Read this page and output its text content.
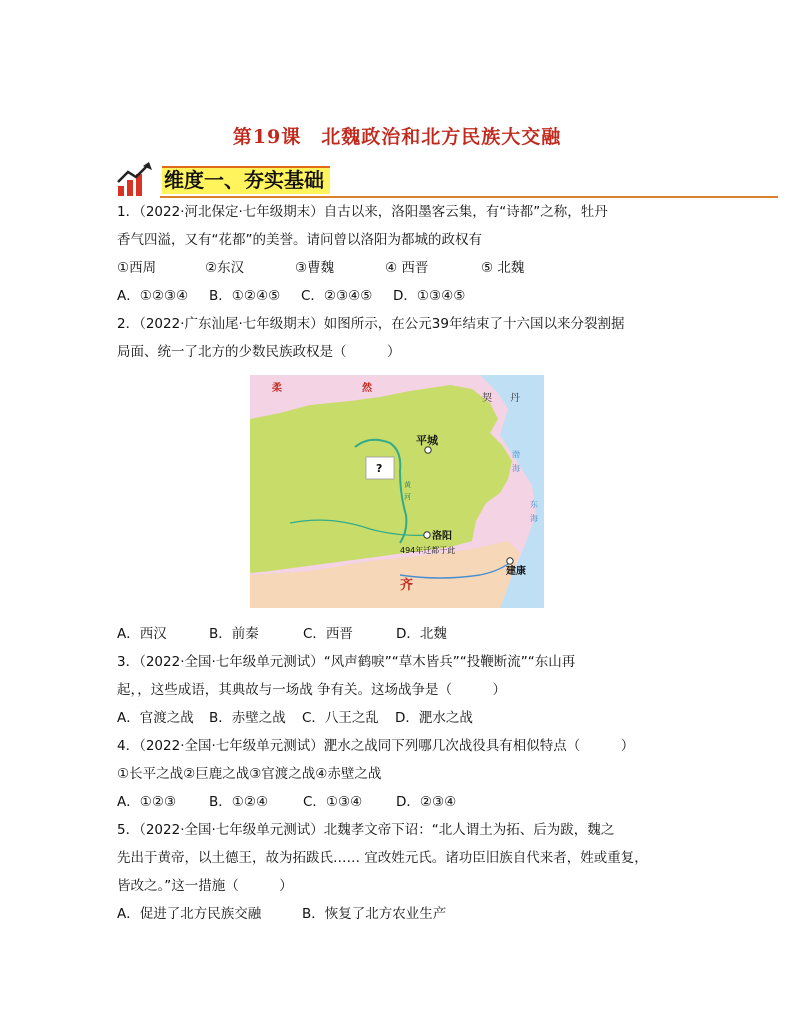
第19课　北魏政治和北方民族大交融
维度一、夯实基础
1．（2022·河北保定·七年级期末）自古以来，洛阳墨客云集，有“诗都”之称，牡丹
香气四溢，又有“花都”的美誉。请问曾以洛阳为都城的政权有
①西周	②东汉	③曹魏	④ 西晋	⑤ 北魏
A．①②③④ B．①②④⑤ C．②③④⑤ D．①③④⑤
2．（2022·广东汕尾·七年级期末）如图所示，在公元39年结束了十六国以来分裂割据
局面、统一了北方的少数民族政权是（　　　）
柔	然
契 丹
平城
?
渤
海
黄
河
东
海
洛阳
494年迁都于此
建康
齐
A．西汉	B．前秦	C．西晋	D．北魏
3．（2022·全国·七年级单元测试）“风声鹤唳”“草木皆兵”“投鞭断流”“东山再
起，，这些成语，其典故与一场战 争有关。这场战争是（　　　）
A．官渡之战 B．赤壁之战 C．八王之乱 D．淝水之战
4．（2022·全国·七年级单元测试）淝水之战同下列哪几次战役具有相似特点（　　　）
①长平之战②巨鹿之战③官渡之战④赤壁之战
A．①②③ B．①②④	C．①③④	D．②③④
5．（2022·全国·七年级单元测试）北魏孝文帝下诏：“北人谓土为拓、后为跋，魏之
先出于黄帝，以土德王，故为拓跋氏…… 宜改姓元氏。诸功臣旧族自代来者，姓或重复，
皆改之。”这一措施（　　　）
A．促进了北方民族交融	B．恢复了北方农业生产
